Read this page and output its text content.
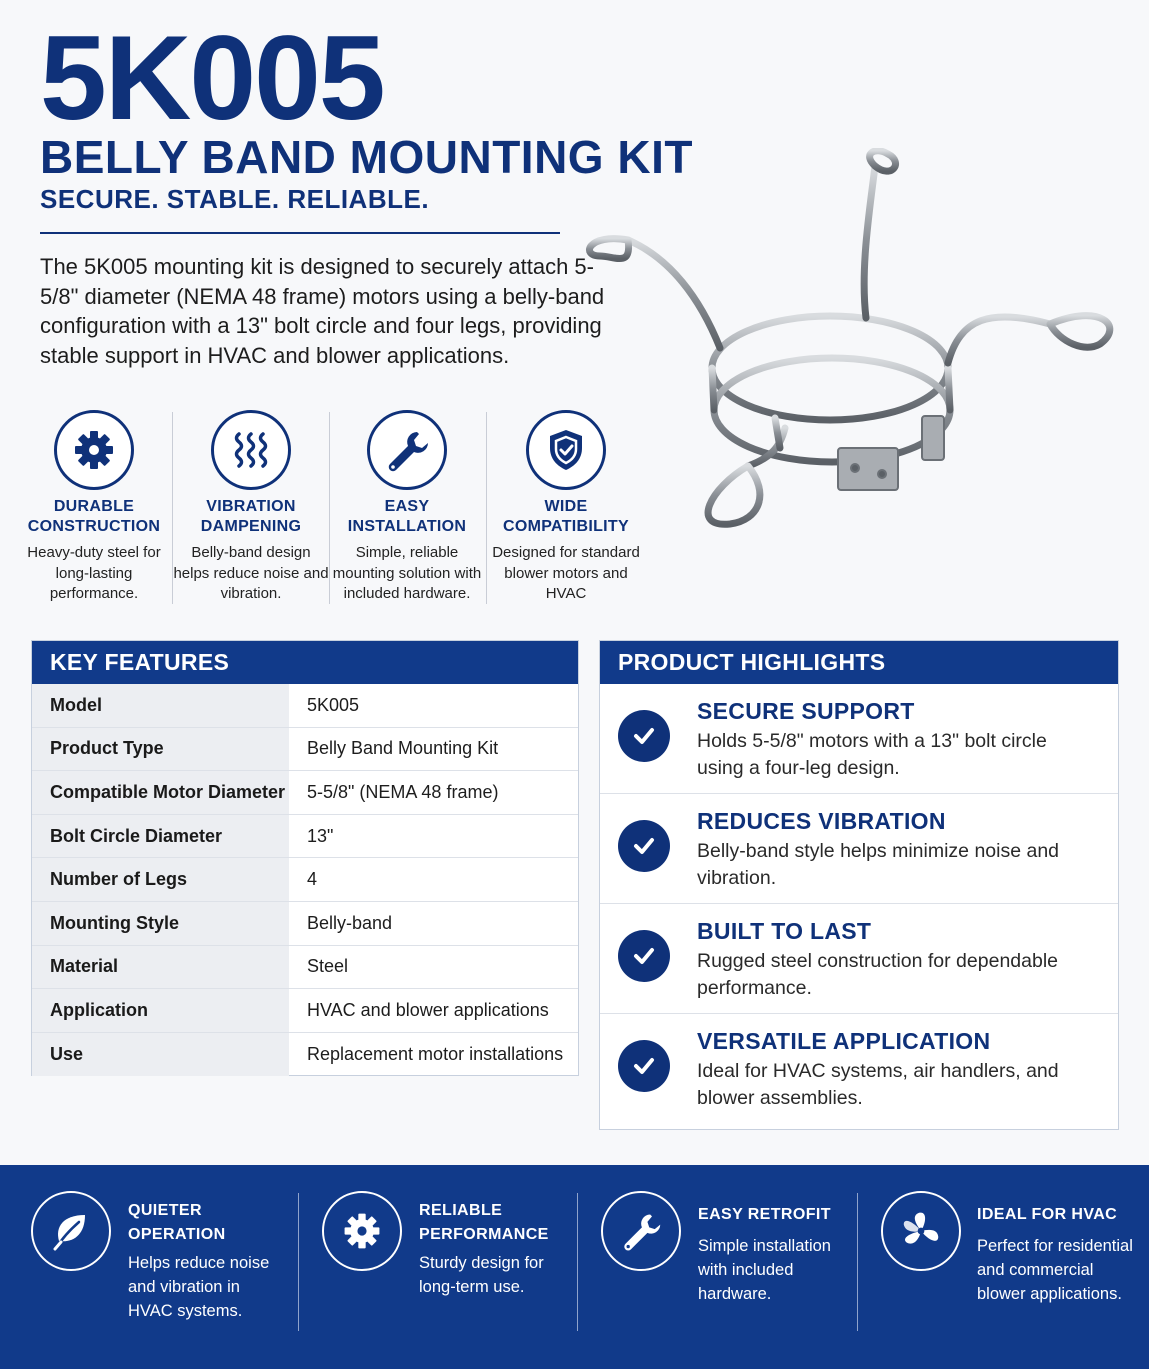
5K005
BELLY BAND MOUNTING KIT
SECURE. STABLE. RELIABLE.
The 5K005 mounting kit is designed to securely attach 5-5/8" diameter (NEMA 48 frame) motors using a belly-band configuration with a 13" bolt circle and four legs, providing stable support in HVAC and blower applications.
DURABLE
CONSTRUCTION
Heavy-duty steel for long-lasting performance.
VIBRATION
DAMPENING
Belly-band design helps reduce noise and vibration.
EASY
INSTALLATION
Simple, reliable mounting solution with included hardware.
WIDE
COMPATIBILITY
Designed for standard blower motors and HVAC
KEY FEATURES
Model	5K005
Product Type	Belly Band Mounting Kit
Compatible Motor Diameter	5-5/8" (NEMA 48 frame)
Bolt Circle Diameter	13"
Number of Legs	4
Mounting Style	Belly-band
Material	Steel
Application	HVAC and blower applications
Use	Replacement motor installations
PRODUCT HIGHLIGHTS
SECURE SUPPORT
Holds 5-5/8" motors with a 13" bolt circle using a four-leg design.
REDUCES VIBRATION
Belly-band style helps minimize noise and vibration.
BUILT TO LAST
Rugged steel construction for dependable performance.
VERSATILE APPLICATION
Ideal for HVAC systems, air handlers, and blower assemblies.
QUIETER
OPERATION
Helps reduce noise and vibration in HVAC systems.
RELIABLE
PERFORMANCE
Sturdy design for long-term use.
EASY RETROFIT
Simple installation with included hardware.
IDEAL FOR HVAC
Perfect for residential and commercial blower applications.
